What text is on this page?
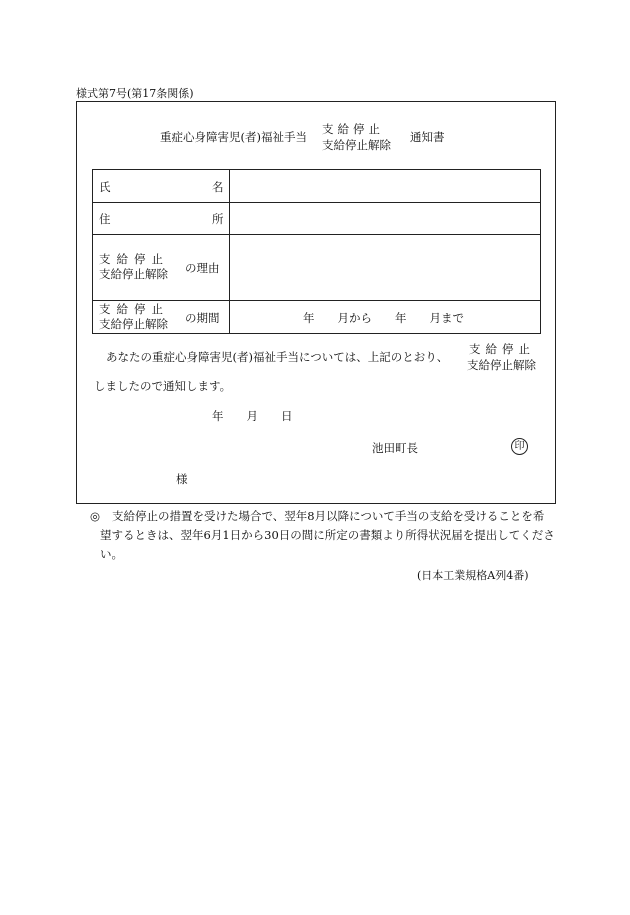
様式第7号(第17条関係)
重症心身障害児(者)福祉手当
支給停止
支給停止解除
通知書
氏	名
住	所
支給停止
支給停止解除 の理由
支給停止
支給停止解除 の期間	年　　月から　　年　　月まで
あなたの重症心身障害児(者)福祉手当については、上記のとおり、
支給停止
支給停止解除
しましたので通知します。
年　　月　　日
池田町長	印
様
◎	支給停止の措置を受けた場合で、翌年8月以降について手当の支給を受けることを希望するときは、翌年6月1日から30日の間に所定の書類より所得状況届を提出してください。
(日本工業規格A列4番)
